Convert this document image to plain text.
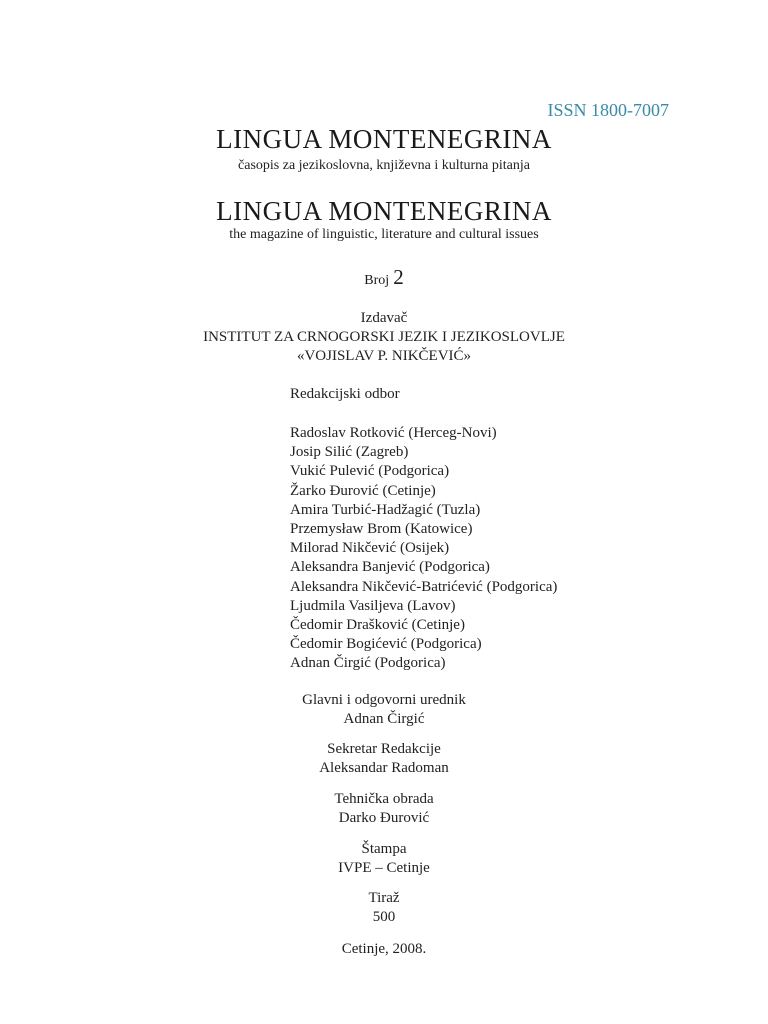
ISSN 1800-7007
LINGUA MONTENEGRINA
časopis za jezikoslovna, književna i kulturna pitanja
LINGUA MONTENEGRINA
the magazine of linguistic, literature and cultural issues
Broj 2
Izdavač
INSTITUT ZA CRNOGORSKI JEZIK I JEZIKOSLOVLJE
«VOJISLAV P. NIKČEVIĆ»
Redakcijski odbor
Radoslav Rotković (Herceg-Novi)
Josip Silić (Zagreb)
Vukić Pulević (Podgorica)
Žarko Đurović (Cetinje)
Amira Turbić-Hadžagić (Tuzla)
Przemysław Brom (Katowice)
Milorad Nikčević (Osijek)
Aleksandra Banjević (Podgorica)
Aleksandra Nikčević-Batrićević (Podgorica)
Ljudmila Vasiljeva (Lavov)
Čedomir Drašković (Cetinje)
Čedomir Bogićević (Podgorica)
Adnan Čirgić (Podgorica)
Glavni i odgovorni urednik
Adnan Čirgić
Sekretar Redakcije
Aleksandar Radoman
Tehnička obrada
Darko Đurović
Štampa
IVPE – Cetinje
Tiraž
500
Cetinje, 2008.
